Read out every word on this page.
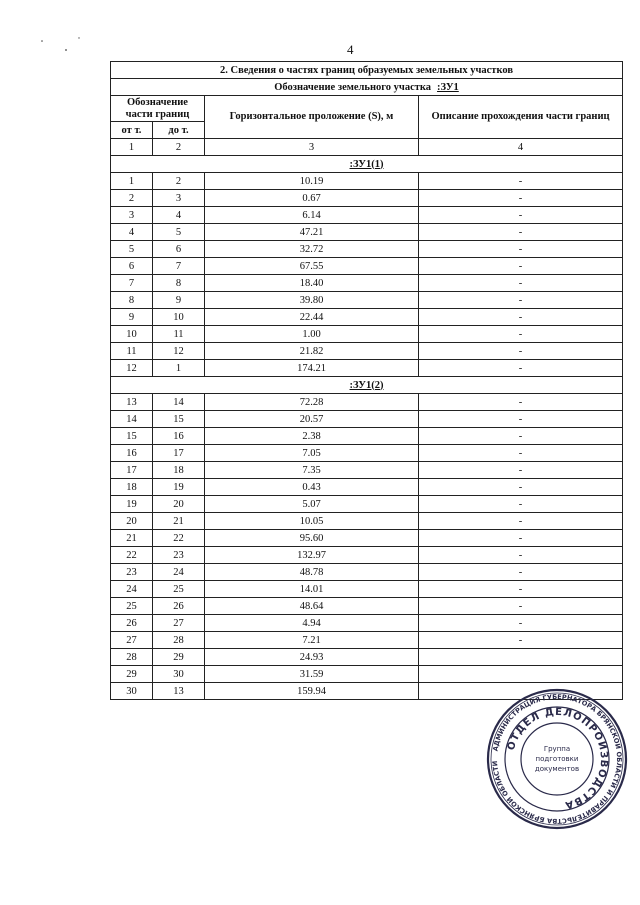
4
2. Сведения о частях границ образуемых земельных участков			
Обозначение земельного участка :ЗУ1			
Обозначение части границ		Горизонтальное проложение (S), м	Описание прохождения части границ
от т.	до т.		
1	2	3	4
:ЗУ1(1)			
1	2	10.19	-
2	3	0.67	-
3	4	6.14	-
4	5	47.21	-
5	6	32.72	-
6	7	67.55	-
7	8	18.40	-
8	9	39.80	-
9	10	22.44	-
10	11	1.00	-
11	12	21.82	-
12	1	174.21	-
:ЗУ1(2)			
13	14	72.28	-
14	15	20.57	-
15	16	2.38	-
16	17	7.05	-
17	18	7.35	-
18	19	0.43	-
19	20	5.07	-
20	21	10.05	-
21	22	95.60	-
22	23	132.97	-
23	24	48.78	-
24	25	14.01	-
25	26	48.64	-
26	27	4.94	-
27	28	7.21	-
28	29	24.93	
29	30	31.59	
30	13	159.94	
АДМИНИСТРАЦИЯ ГУБЕРНАТОРА БРЯНСКОЙ ОБЛАСТИ И ПРАВИТЕЛЬСТВА БРЯНСКОЙ ОБЛАСТИ
ОТДЕЛ ДЕЛОПРОИЗВОДСТВА
Группа
подготовки
документов
